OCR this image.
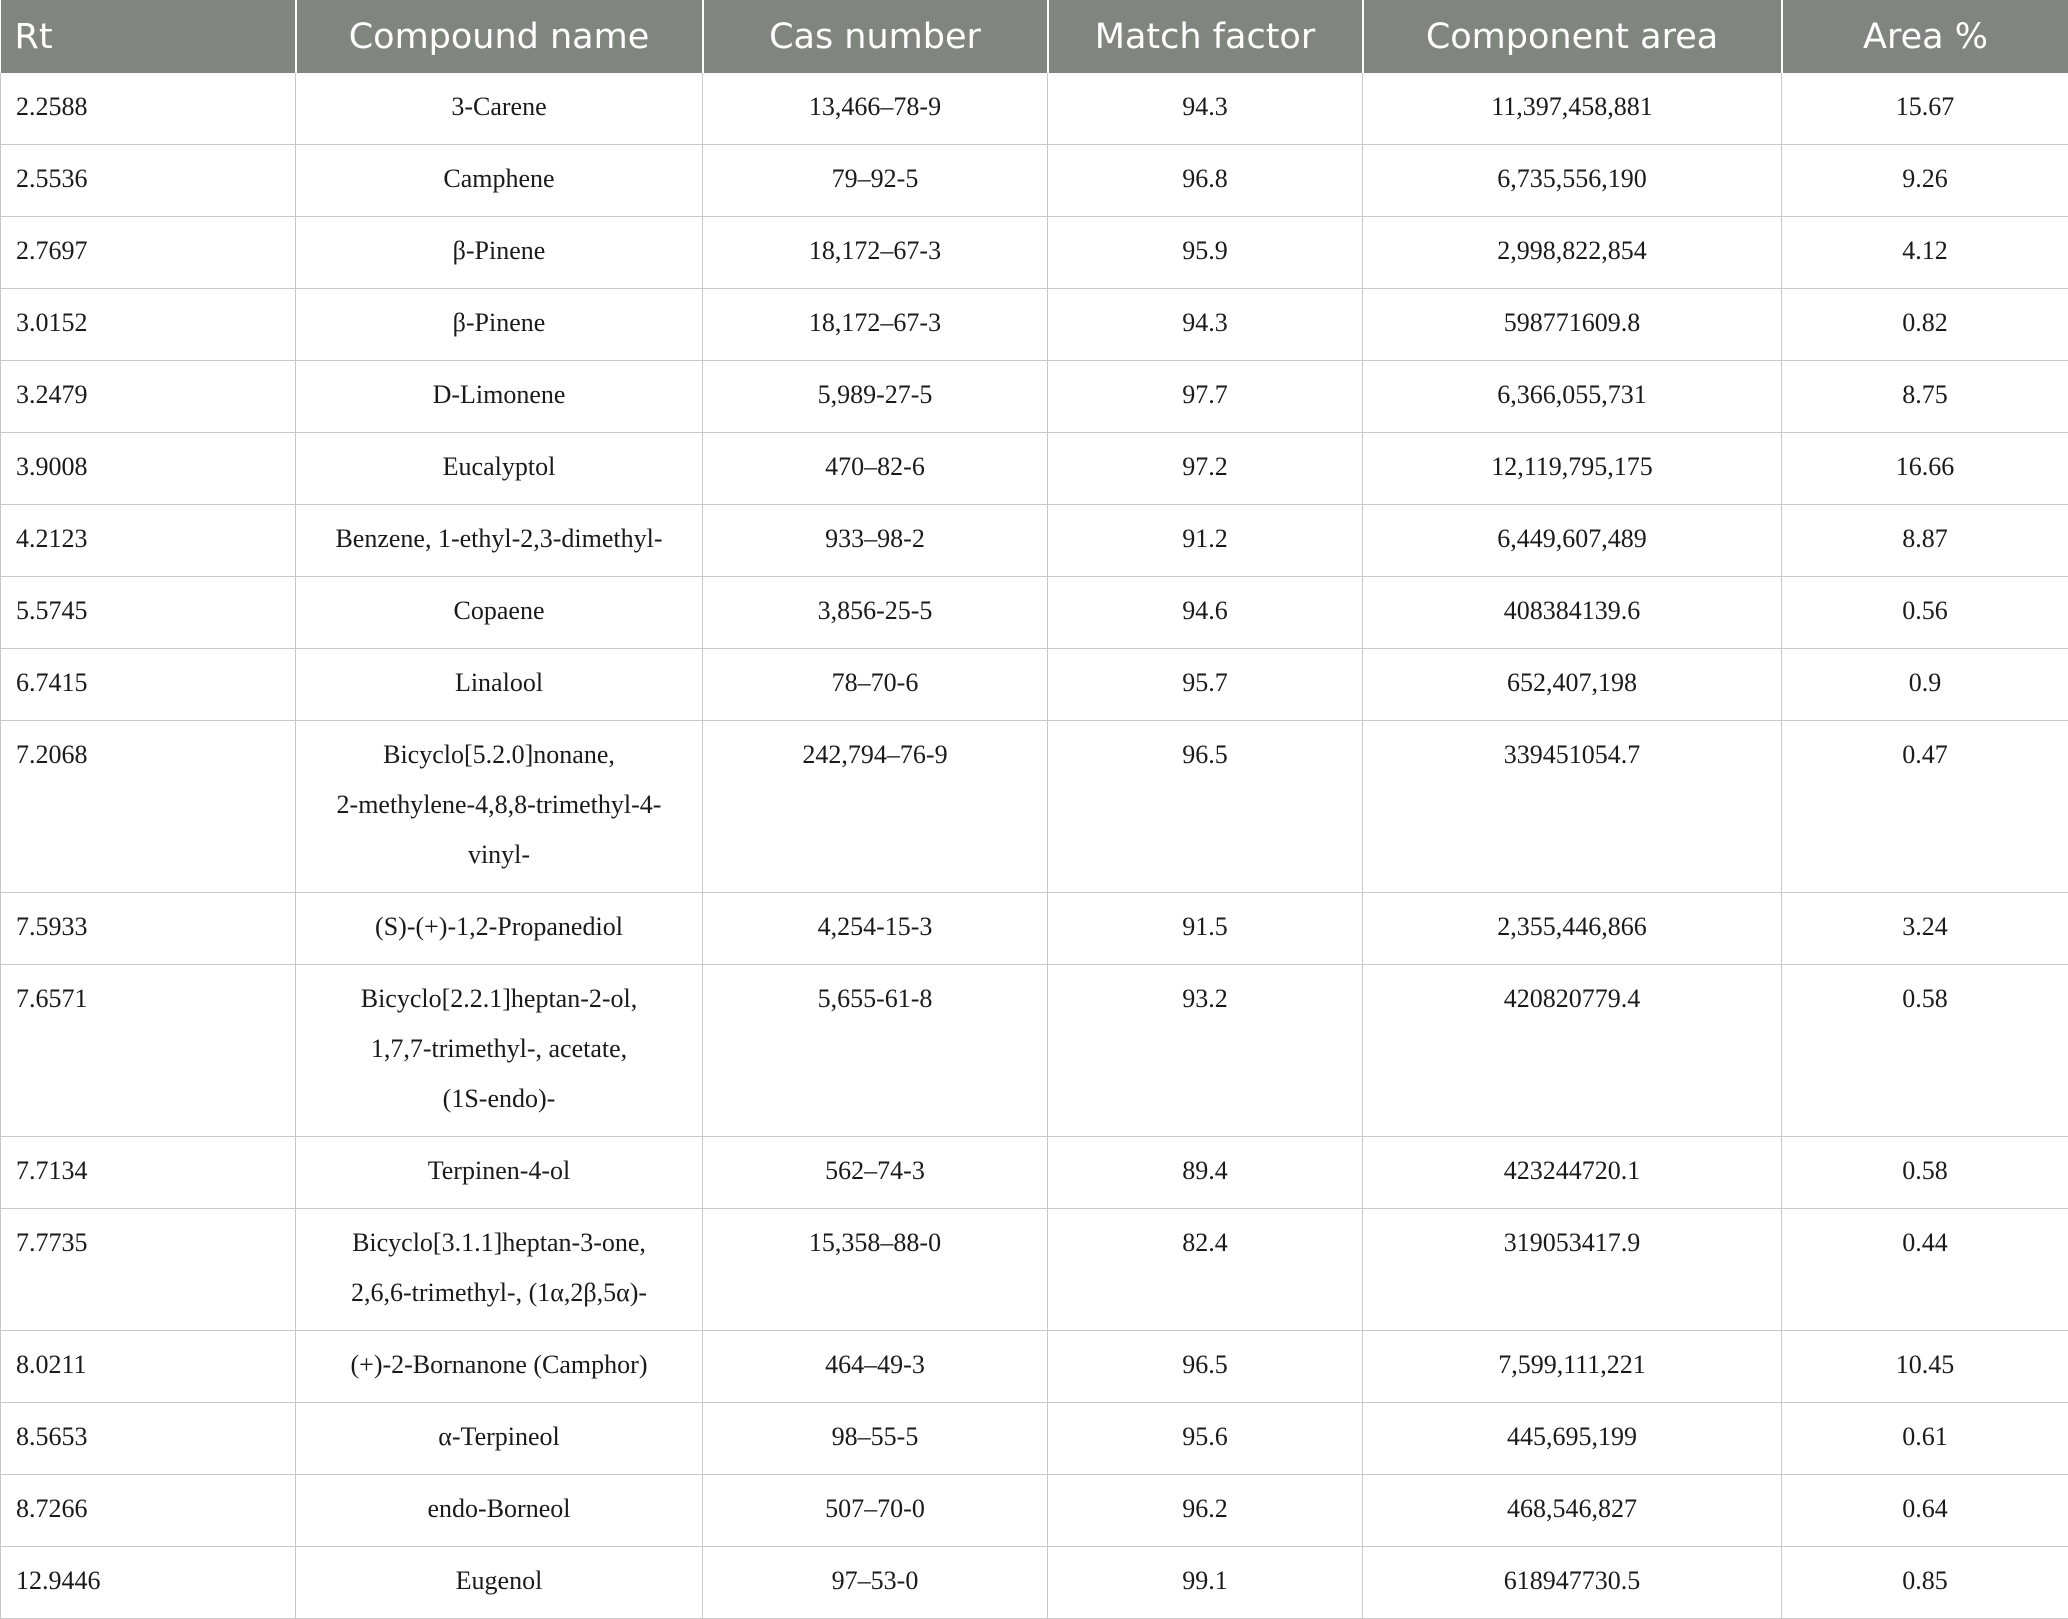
Rt	Compound name	Cas number	Match factor	Component area	Area %
2.2588	3-Carene	13,466–78-9	94.3	11,397,458,881	15.67
2.5536	Camphene	79–92-5	96.8	6,735,556,190	9.26
2.7697	β-Pinene	18,172–67-3	95.9	2,998,822,854	4.12
3.0152	β-Pinene	18,172–67-3	94.3	598771609.8	0.82
3.2479	D-Limonene	5,989-27-5	97.7	6,366,055,731	8.75
3.9008	Eucalyptol	470–82-6	97.2	12,119,795,175	16.66
4.2123	Benzene, 1-ethyl-2,3-dimethyl-	933–98-2	91.2	6,449,607,489	8.87
5.5745	Copaene	3,856-25-5	94.6	408384139.6	0.56
6.7415	Linalool	78–70-6	95.7	652,407,198	0.9
7.2068	Bicyclo[5.2.0]nonane,
2-methylene-4,8,8-trimethyl-4-
vinyl-	242,794–76-9	96.5	339451054.7	0.47
7.5933	(S)-(+)-1,2-Propanediol	4,254-15-3	91.5	2,355,446,866	3.24
7.6571	Bicyclo[2.2.1]heptan-2-ol,
1,7,7-trimethyl-, acetate,
(1S-endo)-	5,655-61-8	93.2	420820779.4	0.58
7.7134	Terpinen-4-ol	562–74-3	89.4	423244720.1	0.58
7.7735	Bicyclo[3.1.1]heptan-3-one,
2,6,6-trimethyl-, (1α,2β,5α)-	15,358–88-0	82.4	319053417.9	0.44
8.0211	(+)-2-Bornanone (Camphor)	464–49-3	96.5	7,599,111,221	10.45
8.5653	α-Terpineol	98–55-5	95.6	445,695,199	0.61
8.7266	endo-Borneol	507–70-0	96.2	468,546,827	0.64
12.9446	Eugenol	97–53-0	99.1	618947730.5	0.85
